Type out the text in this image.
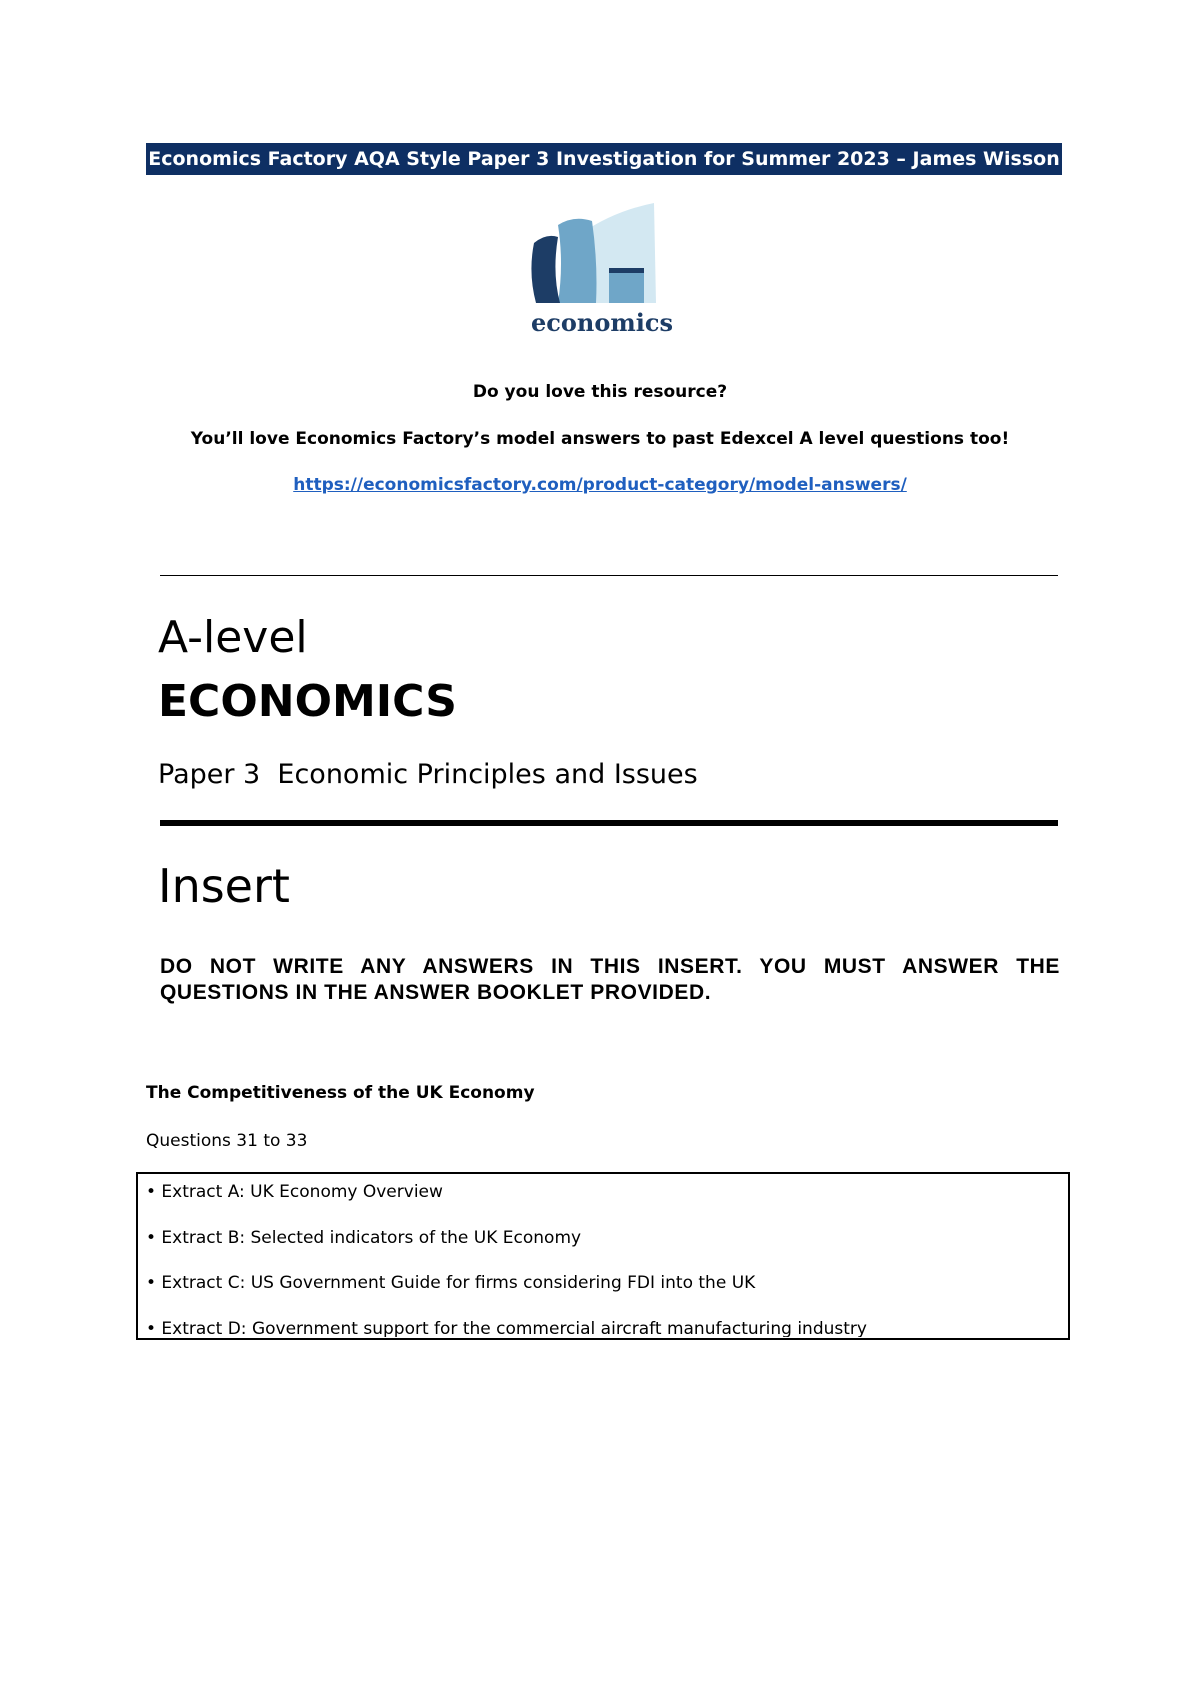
Economics Factory AQA Style Paper 3 Investigation for Summer 2023 – James Wisson
economics
Do you love this resource?
You’ll love Economics Factory’s model answers to past Edexcel A level questions too!
https://economicsfactory.com/product-category/model-answers/
A-level
ECONOMICS
Paper 3  Economic Principles and Issues
Insert
DO NOT WRITE ANY ANSWERS IN THIS INSERT. YOU MUST ANSWER THE QUESTIONS IN THE ANSWER BOOKLET PROVIDED.
The Competitiveness of the UK Economy
Questions 31 to 33
• Extract A: UK Economy Overview
• Extract B: Selected indicators of the UK Economy
• Extract C: US Government Guide for firms considering FDI into the UK
• Extract D: Government support for the commercial aircraft manufacturing industry
